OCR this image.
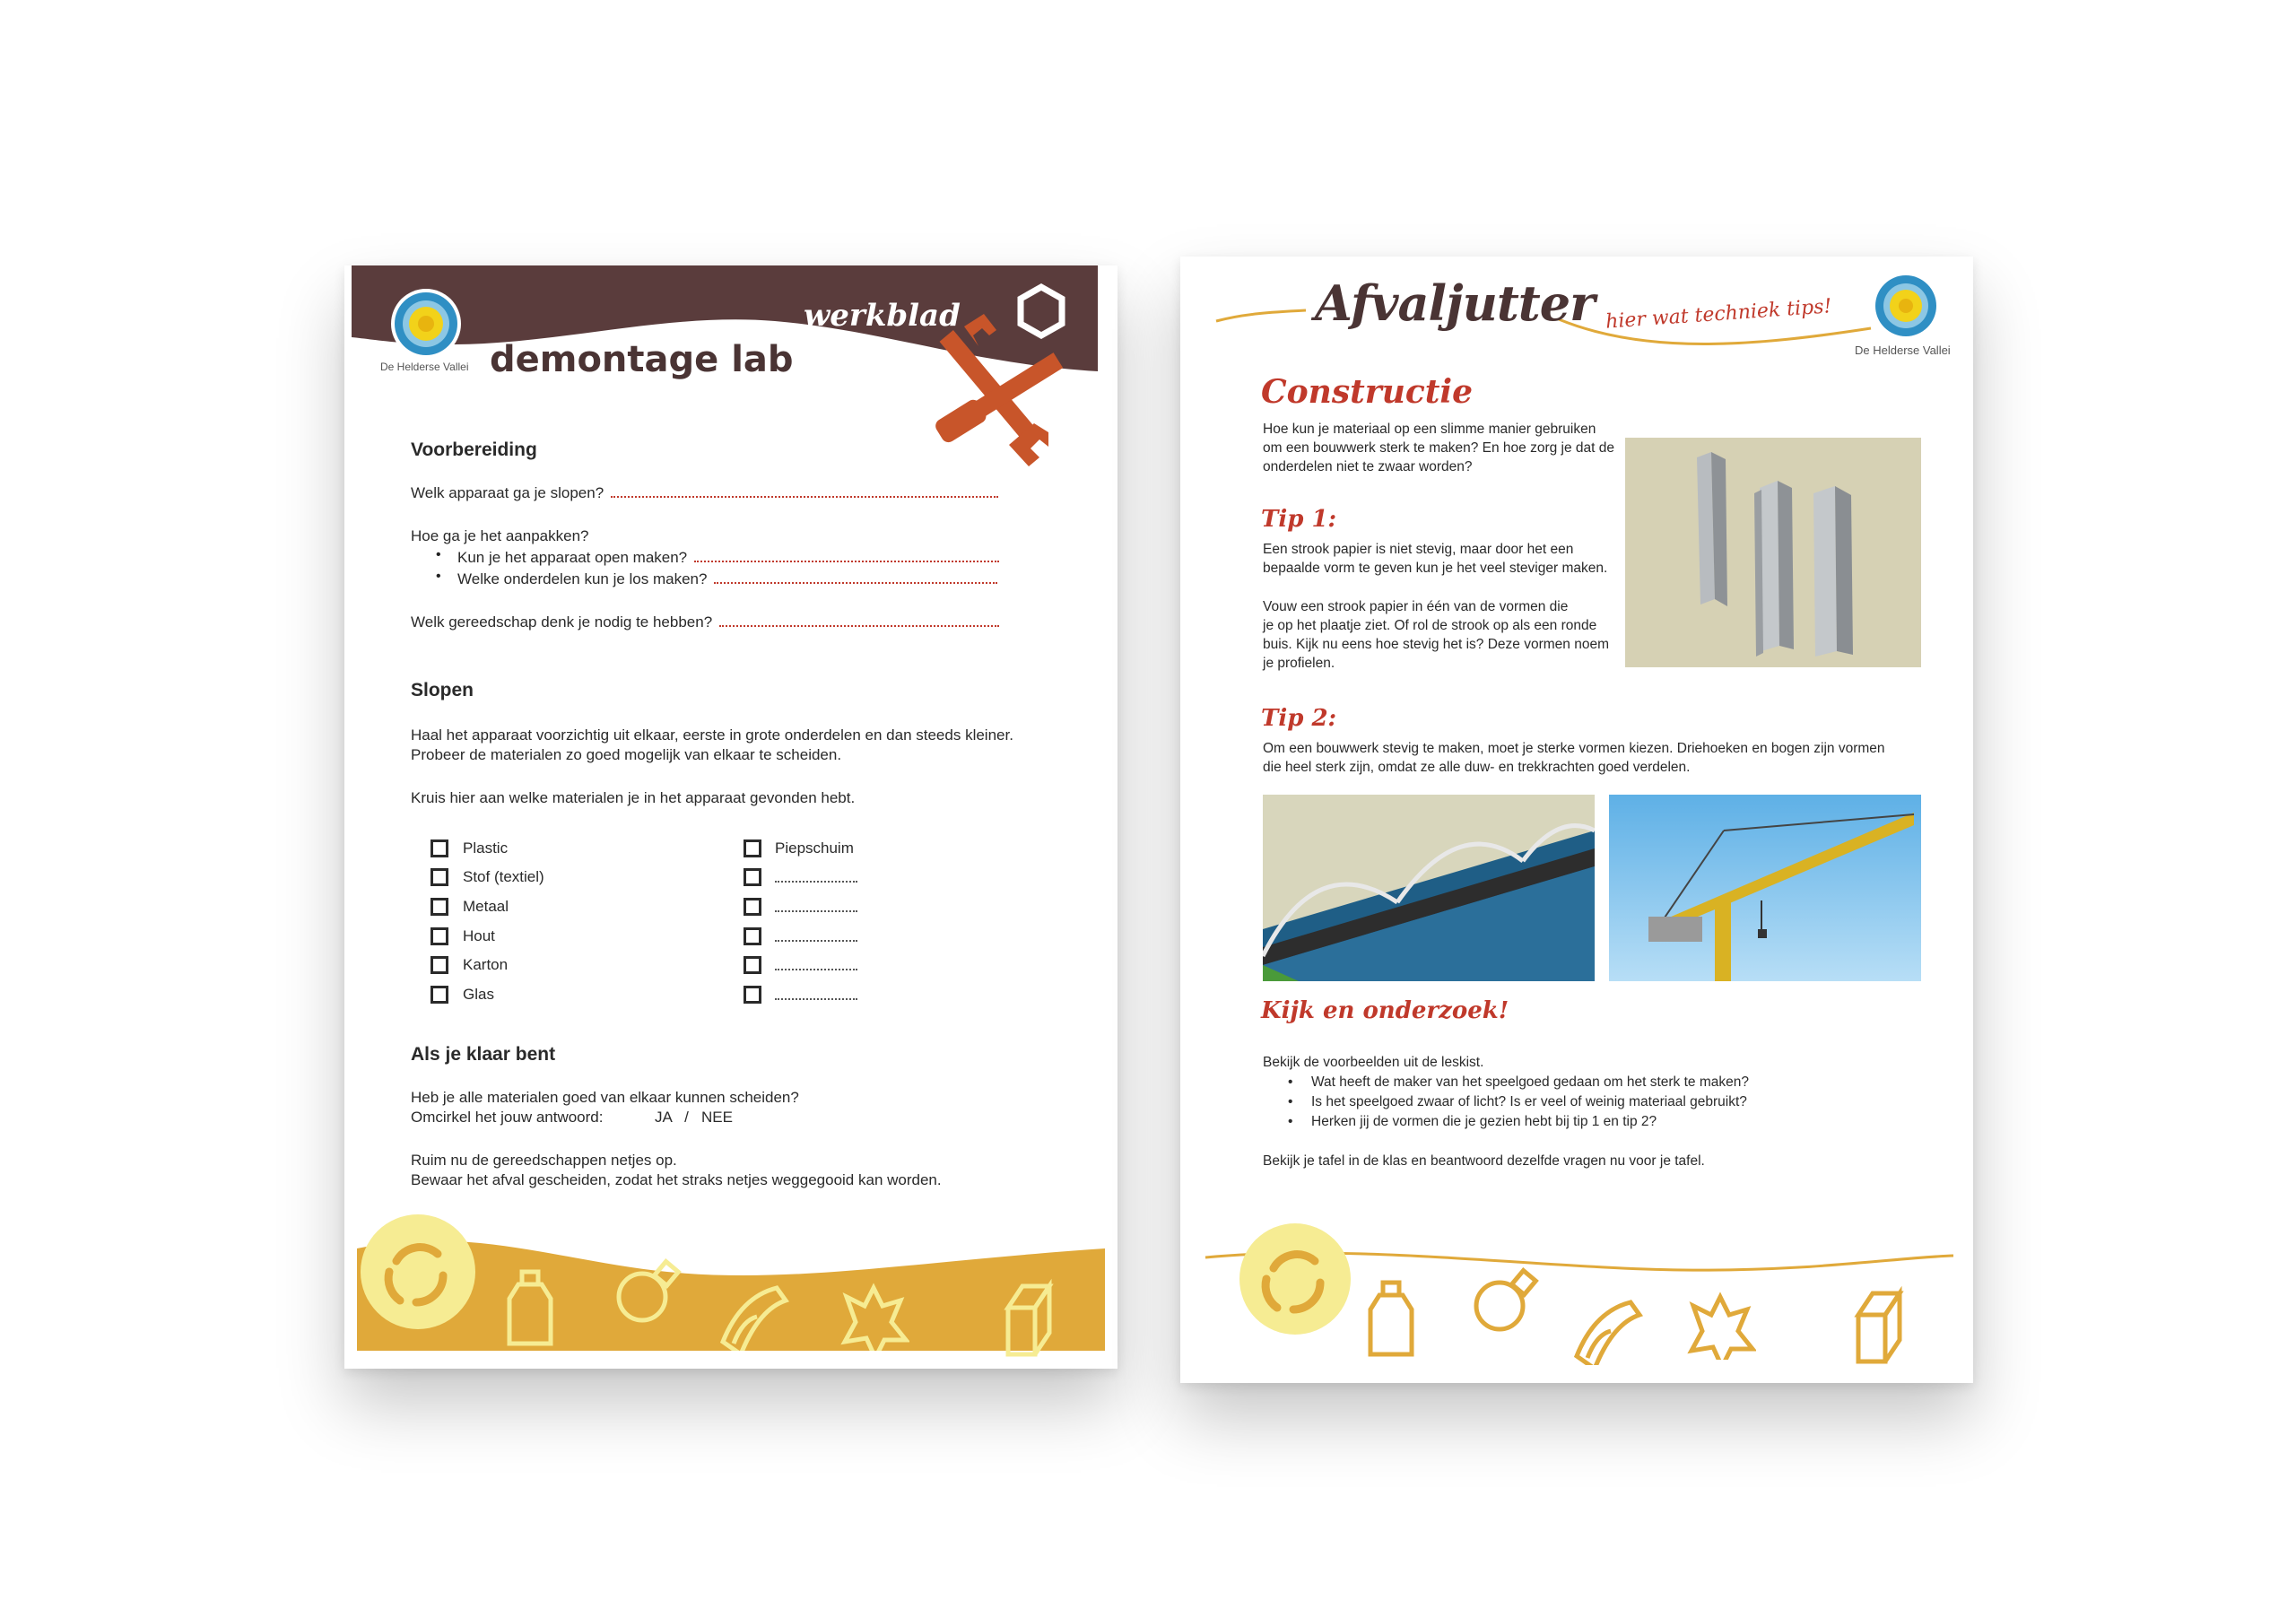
De Helderse Vallei
werkblad
demontage lab
Voorbereiding
Welk apparaat ga je slopen?
Hoe ga je het aanpakken?
• Kun je het apparaat open maken?
• Welke onderdelen kun je los maken?
Welk gereedschap denk je nodig te hebben?
Slopen
Haal het apparaat voorzichtig uit elkaar, eerste in grote onderdelen en dan steeds kleiner.
Probeer de materialen zo goed mogelijk van elkaar te scheiden.
Kruis hier aan welke materialen je in het apparaat gevonden hebt.
Plastic
Stof (textiel)
Metaal
Hout
Karton
Glas
Piepschuim
Als je klaar bent
Heb je alle materialen goed van elkaar kunnen scheiden?
Omcirkel het jouw antwoord:	JA   /   NEE
Ruim nu de gereedschappen netjes op.
Bewaar het afval gescheiden, zodat het straks netjes weggegooid kan worden.
Afvaljutter hier wat techniek tips!
De Helderse Vallei
Constructie
Hoe kun je materiaal op een slimme manier gebruiken
om een bouwwerk sterk te maken? En hoe zorg je dat de
onderdelen niet te zwaar worden?
Tip 1:
Een strook papier is niet stevig, maar door het een
bepaalde vorm te geven kun je het veel steviger maken.
Vouw een strook papier in één van de vormen die
je op het plaatje ziet. Of rol de strook op als een ronde
buis. Kijk nu eens hoe stevig het is? Deze vormen noem
je profielen.
Tip 2:
Om een bouwwerk stevig te maken, moet je sterke vormen kiezen. Driehoeken en bogen zijn vormen
die heel sterk zijn, omdat ze alle duw- en trekkrachten goed verdelen.
Kijk en onderzoek!
Bekijk de voorbeelden uit de leskist.
• Wat heeft de maker van het speelgoed gedaan om het sterk te maken?
• Is het speelgoed zwaar of licht? Is er veel of weinig materiaal gebruikt?
• Herken jij de vormen die je gezien hebt bij tip 1 en tip 2?
Bekijk je tafel in de klas en beantwoord dezelfde vragen nu voor je tafel.
